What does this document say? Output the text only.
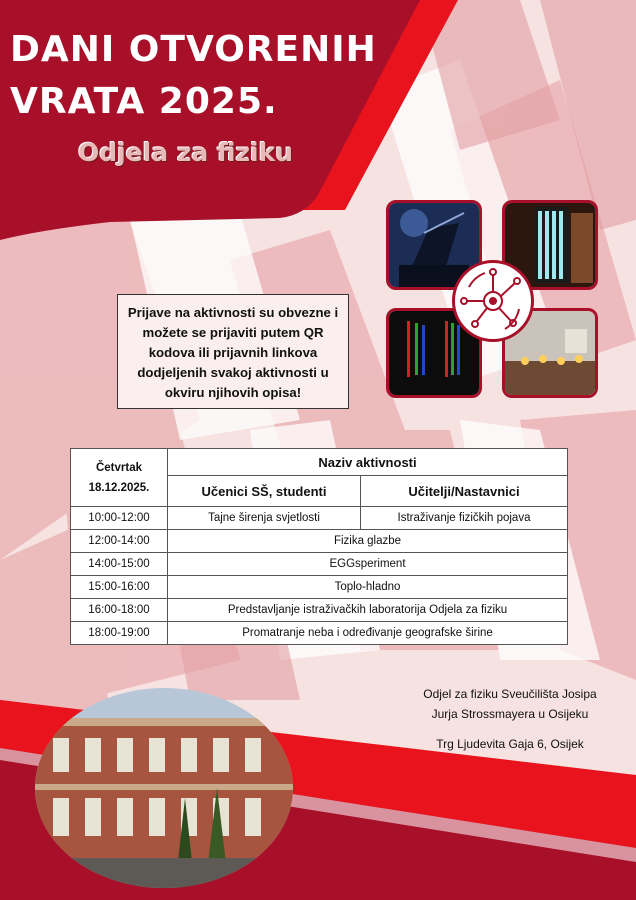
DANI OTVORENIH
VRATA 2025.
Odjela za fiziku
Prijave na aktivnosti su obvezne i možete se prijaviti putem QR kodova ili prijavnih linkova dodjeljenih svakoj aktivnosti u okviru njihovih opisa!
Četvrtak
18.12.2025.	Naziv aktivnosti	
	Učenici SŠ, studenti	Učitelji/Nastavnici
10:00-12:00	Tajne širenja svjetlosti	Istraživanje fizičkih pojava
12:00-14:00	Fizika glazbe	
14:00-15:00	EGGsperiment	
15:00-16:00	Toplo-hladno	
16:00-18:00	Predstavljanje istraživačkih laboratorija Odjela za fiziku	
18:00-19:00	Promatranje neba i određivanje geografske širine	

Odjel za fiziku Sveučilišta Josipa

Jurja Strossmayera u Osijeku

Trg Ljudevita Gaja 6, Osijek
